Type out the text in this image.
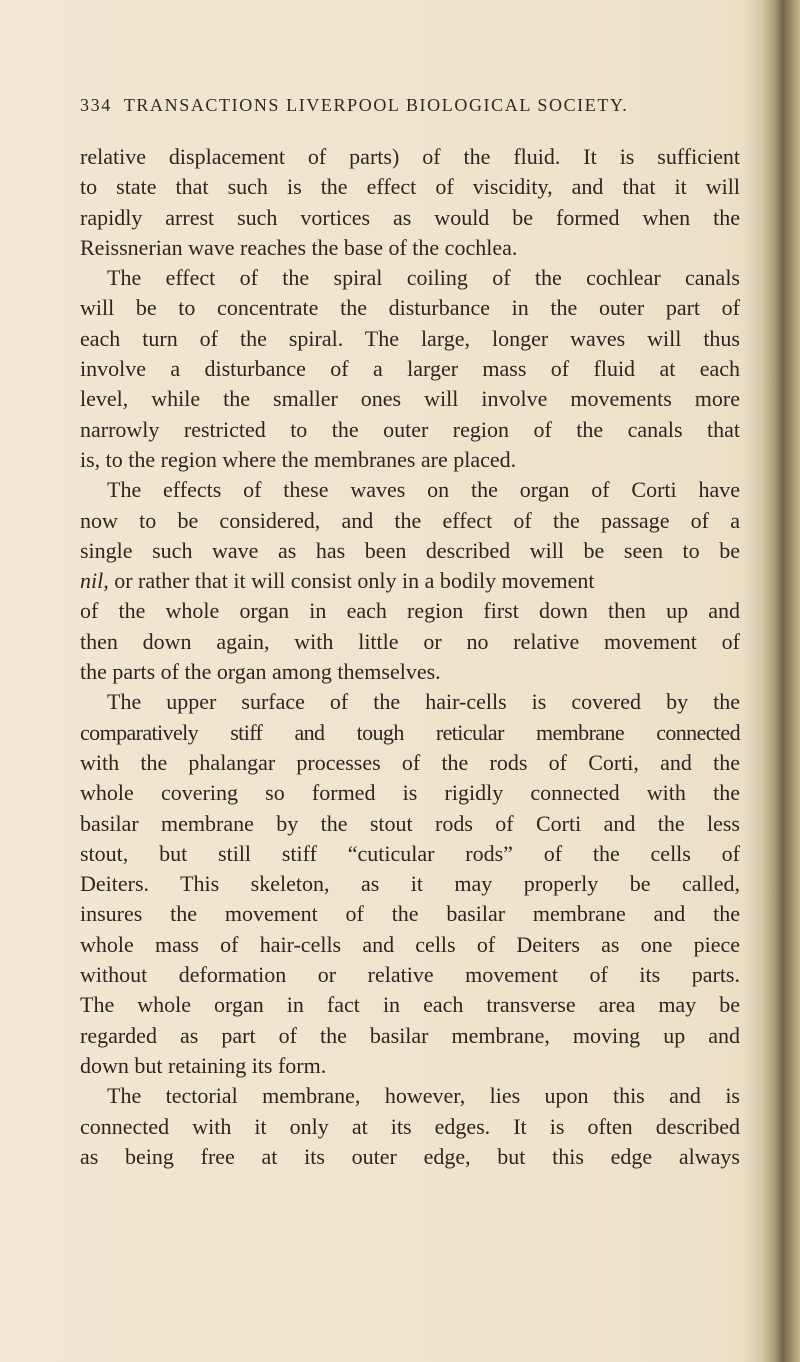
334 TRANSACTIONS LIVERPOOL BIOLOGICAL SOCIETY.
relative displacement of parts) of the fluid. It is sufficient
to state that such is the effect of viscidity, and that it will
rapidly arrest such vortices as would be formed when the
Reissnerian wave reaches the base of the cochlea.
The effect of the spiral coiling of the cochlear canals
will be to concentrate the disturbance in the outer part of
each turn of the spiral. The large, longer waves will thus
involve a disturbance of a larger mass of fluid at each
level, while the smaller ones will involve movements more
narrowly restricted to the outer region of the canals that
is, to the region where the membranes are placed.
The effects of these waves on the organ of Corti have
now to be considered, and the effect of the passage of a
single such wave as has been described will be seen to be
nil, or rather that it will consist only in a bodily movement
of the whole organ in each region first down then up and
then down again, with little or no relative movement of
the parts of the organ among themselves.
The upper surface of the hair-cells is covered by the
comparatively stiff and tough reticular membrane connected
with the phalangar processes of the rods of Corti, and the
whole covering so formed is rigidly connected with the
basilar membrane by the stout rods of Corti and the less
stout, but still stiff “cuticular rods” of the cells of
Deiters. This skeleton, as it may properly be called,
insures the movement of the basilar membrane and the
whole mass of hair-cells and cells of Deiters as one piece
without deformation or relative movement of its parts.
The whole organ in fact in each transverse area may be
regarded as part of the basilar membrane, moving up and
down but retaining its form.
The tectorial membrane, however, lies upon this and is
connected with it only at its edges. It is often described
as being free at its outer edge, but this edge always
